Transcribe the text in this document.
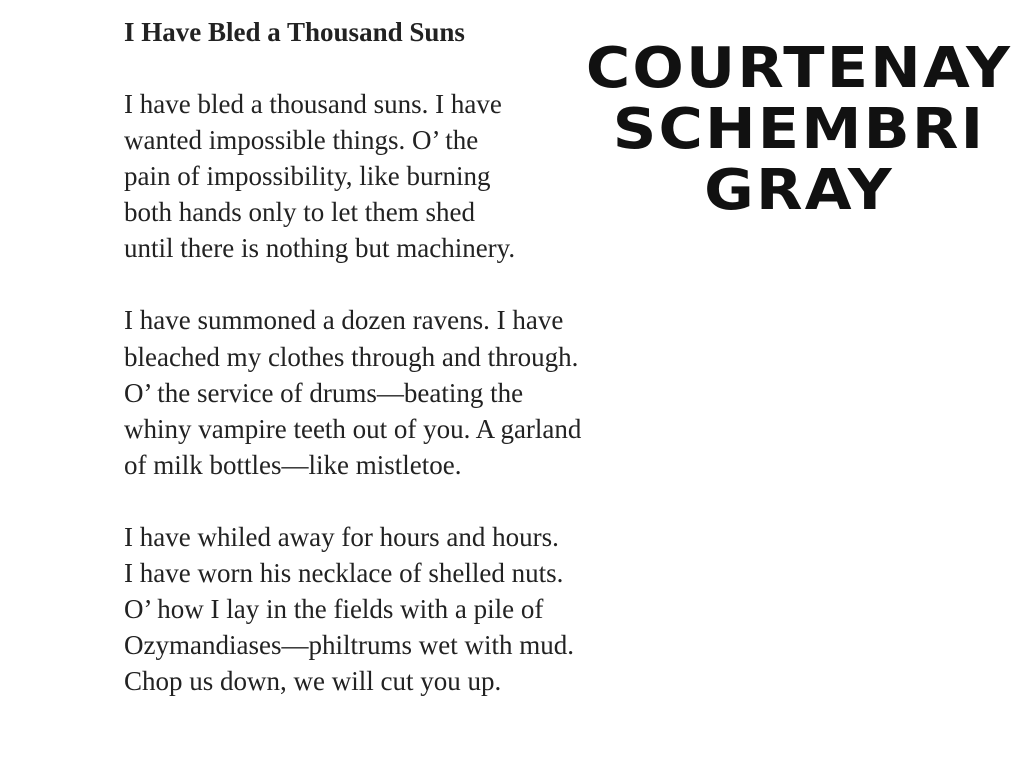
I Have Bled a Thousand Suns
I have bled a thousand suns. I have
wanted impossible things. O’ the
pain of impossibility, like burning
both hands only to let them shed
until there is nothing but machinery.
I have summoned a dozen ravens. I have
bleached my clothes through and through.
O’ the service of drums—beating the
whiny vampire teeth out of you. A garland
of milk bottles—like mistletoe.
I have whiled away for hours and hours.
I have worn his necklace of shelled nuts.
O’ how I lay in the fields with a pile of
Ozymandiases—philtrums wet with mud.
Chop us down, we will cut you up.
COURTENAY
SCHEMBRI
GRAY
